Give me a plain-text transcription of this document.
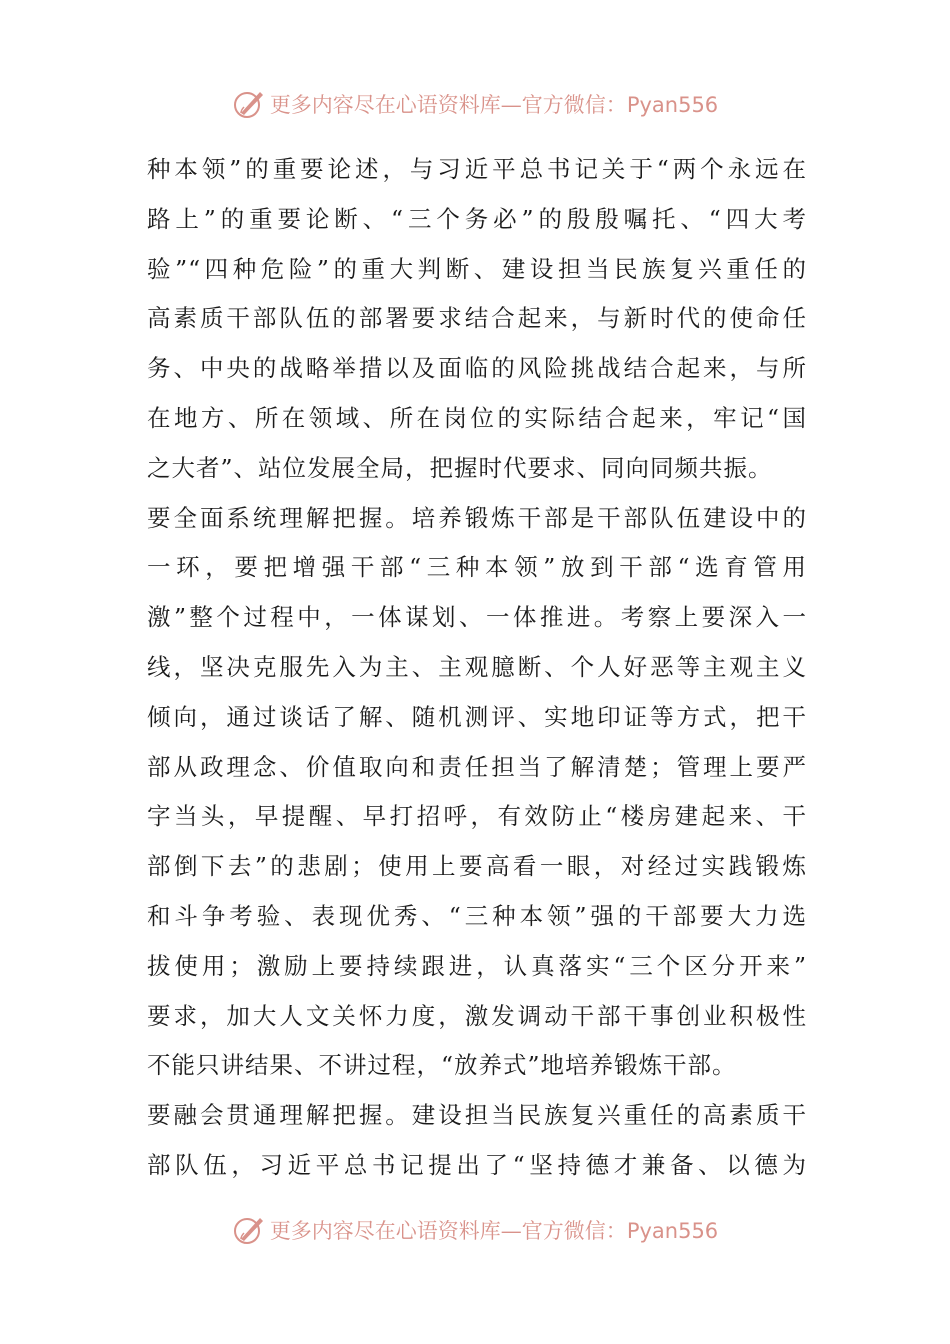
更多内容尽在心语资料库—官方微信：Pyan556
种本领”的重要论述，与习近平总书记关于“两个永远在
路上”的重要论断、“三个务必”的殷殷嘱托、“四大考
验”“四种危险”的重大判断、建设担当民族复兴重任的
高素质干部队伍的部署要求结合起来，与新时代的使命任
务、中央的战略举措以及面临的风险挑战结合起来，与所
在地方、所在领域、所在岗位的实际结合起来，牢记“国
之大者”、站位发展全局，把握时代要求、同向同频共振。
要全面系统理解把握。培养锻炼干部是干部队伍建设中的
一环，要把增强干部“三种本领”放到干部“选育管用
激”整个过程中，一体谋划、一体推进。考察上要深入一
线，坚决克服先入为主、主观臆断、个人好恶等主观主义
倾向，通过谈话了解、随机测评、实地印证等方式，把干
部从政理念、价值取向和责任担当了解清楚；管理上要严
字当头，早提醒、早打招呼，有效防止“楼房建起来、干
部倒下去”的悲剧；使用上要高看一眼，对经过实践锻炼
和斗争考验、表现优秀、“三种本领”强的干部要大力选
拔使用；激励上要持续跟进，认真落实“三个区分开来”
要求，加大人文关怀力度，激发调动干部干事创业积极性
不能只讲结果、不讲过程，“放养式”地培养锻炼干部。
要融会贯通理解把握。建设担当民族复兴重任的高素质干
部队伍，习近平总书记提出了“坚持德才兼备、以德为
更多内容尽在心语资料库—官方微信：Pyan556
